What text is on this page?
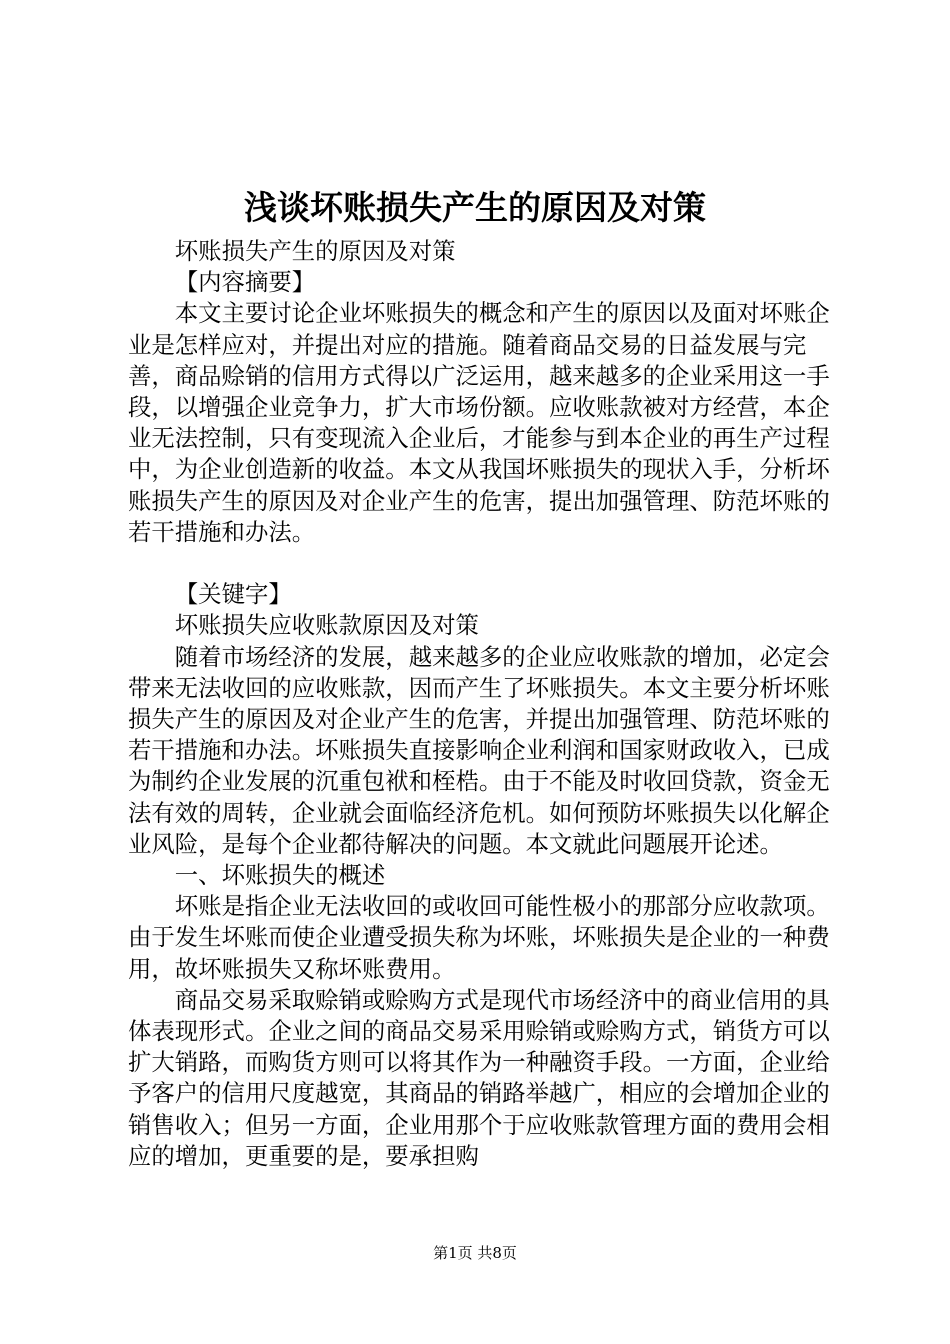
浅谈坏账损失产生的原因及对策

坏账损失产生的原因及对策

【内容摘要】

本文主要讨论企业坏账损失的概念和产生的原因以及面对坏账企业是怎样应对，并提出对应的措施。随着商品交易的日益发展与完善，商品赊销的信用方式得以广泛运用，越来越多的企业采用这一手段，以增强企业竞争力，扩大市场份额。应收账款被对方经营，本企业无法控制，只有变现流入企业后，才能参与到本企业的再生产过程中，为企业创造新的收益。本文从我国坏账损失的现状入手，分析坏账损失产生的原因及对企业产生的危害，提出加强管理、防范坏账的若干措施和办法。

【关键字】

坏账损失应收账款原因及对策

随着市场经济的发展，越来越多的企业应收账款的增加，必定会带来无法收回的应收账款，因而产生了坏账损失。本文主要分析坏账损失产生的原因及对企业产生的危害，并提出加强管理、防范坏账的若干措施和办法。坏账损失直接影响企业利润和国家财政收入，已成为制约企业发展的沉重包袱和桎梏。由于不能及时收回贷款，资金无法有效的周转，企业就会面临经济危机。如何预防坏账损失以化解企业风险，是每个企业都待解决的问题。本文就此问题展开论述。

一、坏账损失的概述

坏账是指企业无法收回的或收回可能性极小的那部分应收款项。由于发生坏账而使企业遭受损失称为坏账，坏账损失是企业的一种费用，故坏账损失又称坏账费用。

商品交易采取赊销或赊购方式是现代市场经济中的商业信用的具体表现形式。企业之间的商品交易采用赊销或赊购方式，销货方可以扩大销路，而购货方则可以将其作为一种融资手段。一方面，企业给予客户的信用尺度越宽，其商品的销路举越广，相应的会增加企业的销售收入；但另一方面，企业用那个于应收账款管理方面的费用会相应的增加，更重要的是，要承担购

第1页 共8页
